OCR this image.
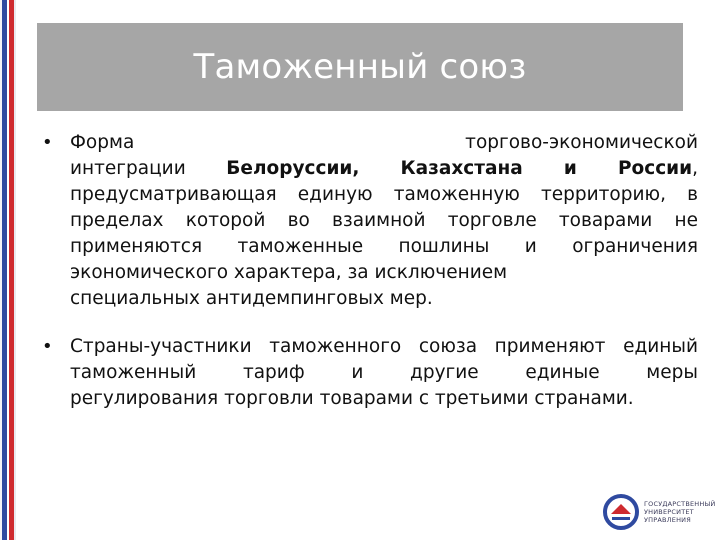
Таможенный союз
• Форма	торгово-экономической
интеграции Белоруссии, Казахстана и России, предусматривающая единую таможенную территорию, в пределах которой во взаимной торговле товарами не применяются таможенные пошлины и ограничения экономического характера, за исключением
специальных антидемпинговых мер.
• Страны-участники таможенного союза применяют единый таможенный тариф и другие единые меры
регулирования торговли товарами с третьими странами.
ГОСУДАРСТВЕННЫЙ
УНИВЕРСИТЕТ
УПРАВЛЕНИЯ
